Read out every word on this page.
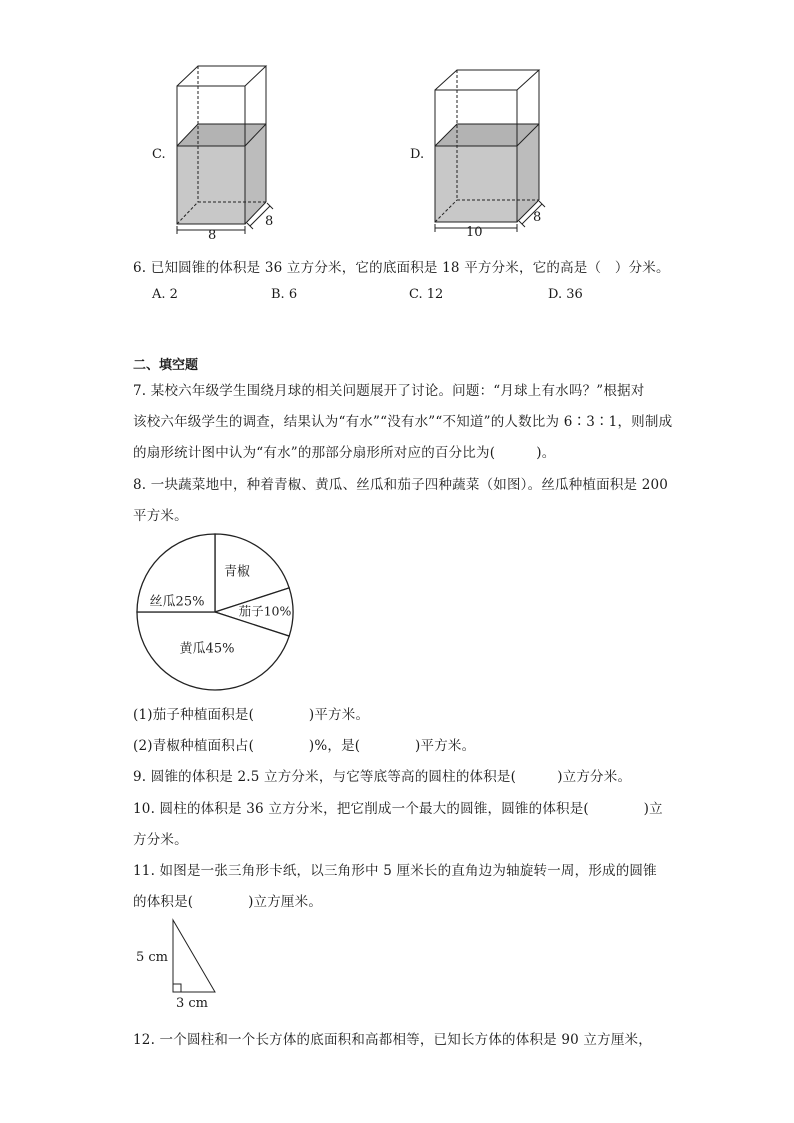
C.
8
8
D.
10
8
6. 已知圆锥的体积是 36 立方分米，它的底面积是 18 平方分米，它的高是（　）分米。
A. 2	B. 6	C. 12	D. 36
二、填空题
7. 某校六年级学生围绕月球的相关问题展开了讨论。问题：“月球上有水吗？”根据对
该校六年级学生的调查，结果认为“有水”“没有水”“不知道”的人数比为 6∶3∶1，则制成
的扇形统计图中认为“有水”的那部分扇形所对应的百分比为(　　　)。
8. 一块蔬菜地中，种着青椒、黄瓜、丝瓜和茄子四种蔬菜（如图）。丝瓜种植面积是 200
平方米。
青椒
茄子10%
黄瓜45%
丝瓜25%
(1)茄子种植面积是(　　　　)平方米。
(2)青椒种植面积占(　　　　)%，是(　　　　)平方米。
9. 圆锥的体积是 2.5 立方分米，与它等底等高的圆柱的体积是(　　　)立方分米。
10. 圆柱的体积是 36 立方分米，把它削成一个最大的圆锥，圆锥的体积是(　　　　)立
方分米。
11. 如图是一张三角形卡纸，以三角形中 5 厘米长的直角边为轴旋转一周，形成的圆锥
的体积是(　　　　)立方厘米。
5 cm
3 cm
12. 一个圆柱和一个长方体的底面积和高都相等，已知长方体的体积是 90 立方厘米，
